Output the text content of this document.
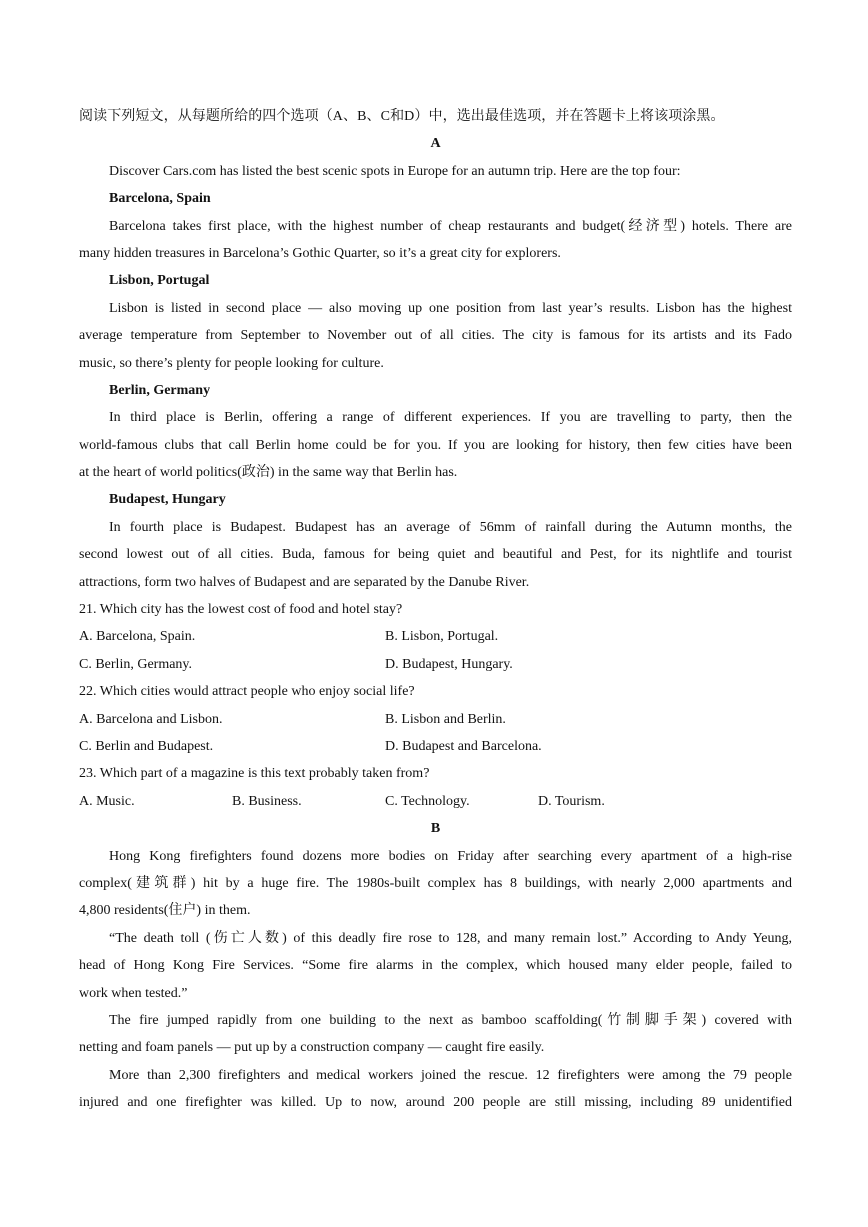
阅读下列短文，从每题所给的四个选项（A、B、C和D）中，选出最佳选项，并在答题卡上将该项涂黑。
A
Discover Cars.com has listed the best scenic spots in Europe for an autumn trip. Here are the top four:
Barcelona, Spain
Barcelona takes first place, with the highest number of cheap restaurants and budget(经济型) hotels. There are
many hidden treasures in Barcelona’s Gothic Quarter, so it’s a great city for explorers.
Lisbon, Portugal
Lisbon is listed in second place — also moving up one position from last year’s results. Lisbon has the highest
average temperature from September to November out of all cities. The city is famous for its artists and its Fado
music, so there’s plenty for people looking for culture.
Berlin, Germany
In third place is Berlin, offering a range of different experiences. If you are travelling to party, then the
world-famous clubs that call Berlin home could be for you. If you are looking for history, then few cities have been
at the heart of world politics(政治) in the same way that Berlin has.
Budapest, Hungary
In fourth place is Budapest. Budapest has an average of 56mm of rainfall during the Autumn months, the
second lowest out of all cities. Buda, famous for being quiet and beautiful and Pest, for its nightlife and tourist
attractions, form two halves of Budapest and are separated by the Danube River.
21. Which city has the lowest cost of food and hotel stay?
A. Barcelona, Spain.	B. Lisbon, Portugal.
C. Berlin, Germany.	D. Budapest, Hungary.
22. Which cities would attract people who enjoy social life?
A. Barcelona and Lisbon.	B. Lisbon and Berlin.
C. Berlin and Budapest.	D. Budapest and Barcelona.
23. Which part of a magazine is this text probably taken from?
A. Music.	B. Business.	C. Technology.	D. Tourism.
B
Hong Kong firefighters found dozens more bodies on Friday after searching every apartment of a high-rise
complex(建筑群) hit by a huge fire. The 1980s-built complex has 8 buildings, with nearly 2,000 apartments and
4,800 residents(住户) in them.
“The death toll (伤亡人数) of this deadly fire rose to 128, and many remain lost.” According to Andy Yeung,
head of Hong Kong Fire Services. “Some fire alarms in the complex, which housed many elder people, failed to
work when tested.”
The fire jumped rapidly from one building to the next as bamboo scaffolding(竹制脚手架) covered with
netting and foam panels — put up by a construction company — caught fire easily.
More than 2,300 firefighters and medical workers joined the rescue. 12 firefighters were among the 79 people
injured and one firefighter was killed. Up to now, around 200 people are still missing, including 89 unidentified
